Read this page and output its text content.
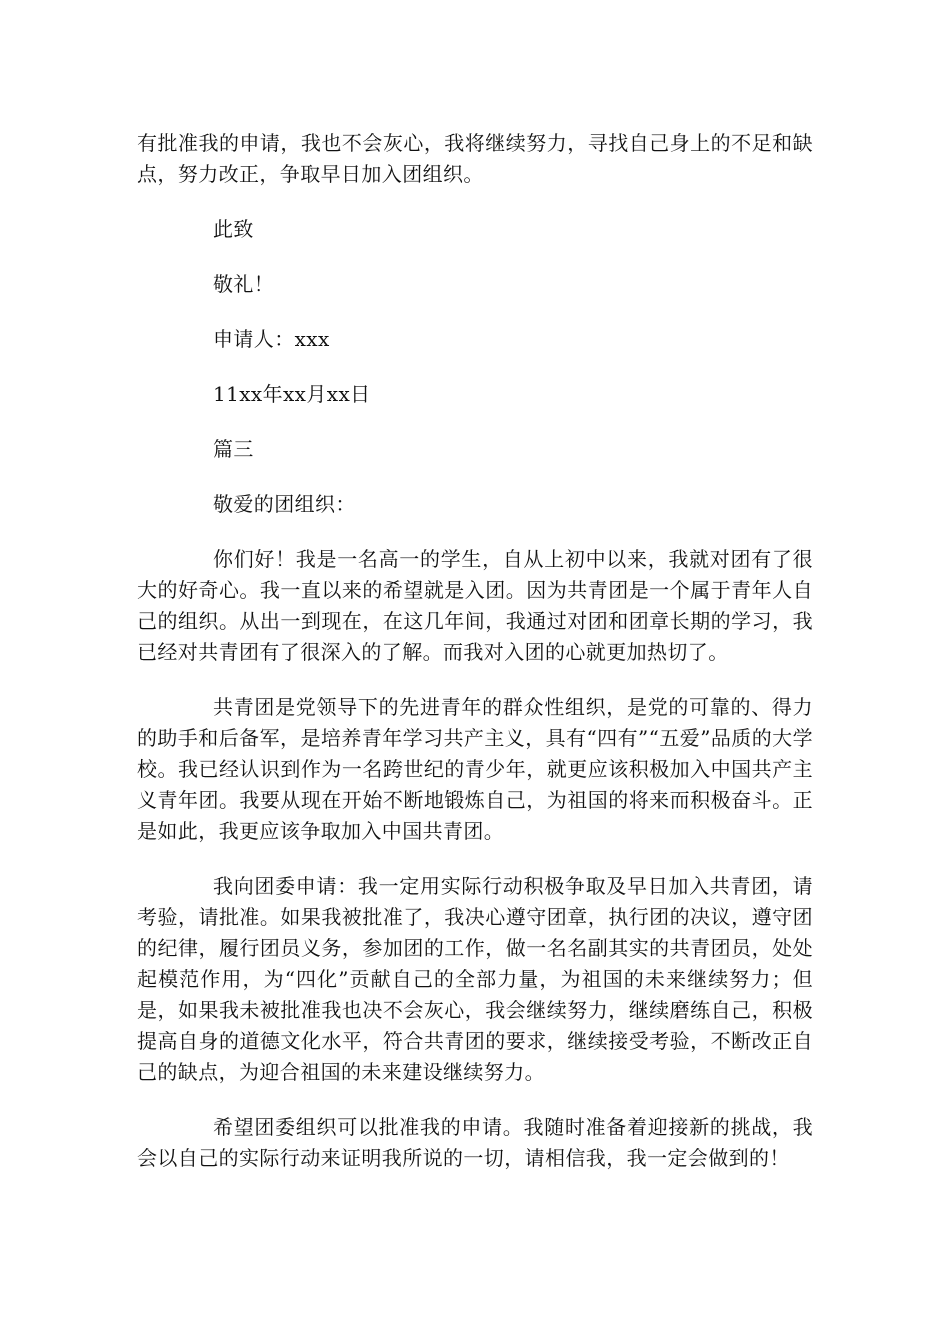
有批准我的申请，我也不会灰心，我将继续努力，寻找自己身上的不足和缺点，努力改正，争取早日加入团组织。

此致

敬礼！

申请人：xxx

11xx年xx月xx日

篇三

敬爱的团组织：

你们好！我是一名高一的学生，自从上初中以来，我就对团有了很大的好奇心。我一直以来的希望就是入团。因为共青团是一个属于青年人自己的组织。从出一到现在，在这几年间，我通过对团和团章长期的学习，我已经对共青团有了很深入的了解。而我对入团的心就更加热切了。

共青团是党领导下的先进青年的群众性组织，是党的可靠的、得力的助手和后备军，是培养青年学习共产主义，具有“四有”“五爱”品质的大学校。我已经认识到作为一名跨世纪的青少年，就更应该积极加入中国共产主义青年团。我要从现在开始不断地锻炼自己，为祖国的将来而积极奋斗。正是如此，我更应该争取加入中国共青团。

我向团委申请：我一定用实际行动积极争取及早日加入共青团，请考验，请批准。如果我被批准了，我决心遵守团章，执行团的决议，遵守团的纪律，履行团员义务，参加团的工作，做一名名副其实的共青团员，处处起模范作用，为“四化”贡献自己的全部力量，为祖国的未来继续努力；但是，如果我未被批准我也决不会灰心，我会继续努力，继续磨练自己，积极提高自身的道德文化水平，符合共青团的要求，继续接受考验，不断改正自己的缺点，为迎合祖国的未来建设继续努力。

希望团委组织可以批准我的申请。我随时准备着迎接新的挑战，我会以自己的实际行动来证明我所说的一切，请相信我，我一定会做到的！
